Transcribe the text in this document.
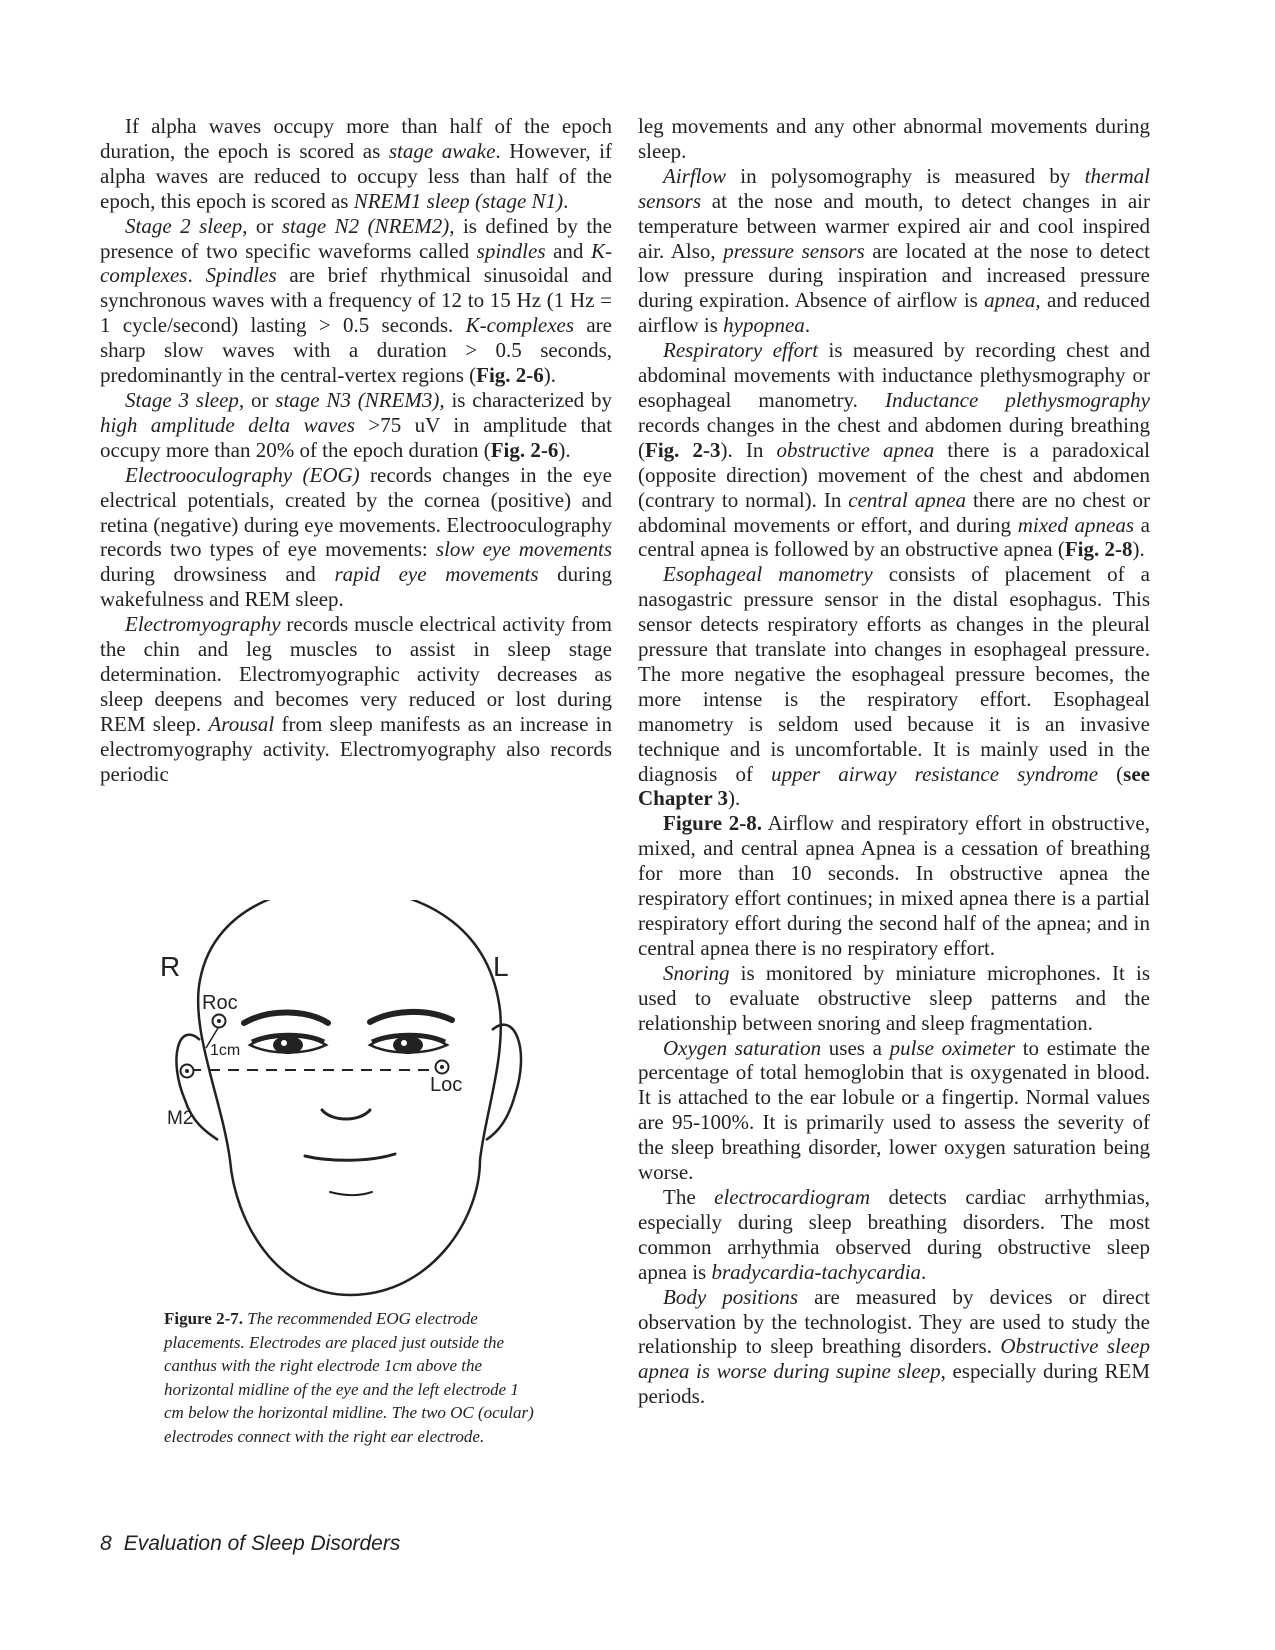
If alpha waves occupy more than half of the epoch duration, the epoch is scored as stage awake. However, if alpha waves are reduced to occupy less than half of the epoch, this epoch is scored as NREM1 sleep (stage N1).

Stage 2 sleep, or stage N2 (NREM2), is defined by the presence of two specific waveforms called spindles and K-complexes. Spindles are brief rhythmical sinusoidal and synchronous waves with a frequency of 12 to 15 Hz (1 Hz = 1 cycle/second) lasting > 0.5 seconds. K-complexes are sharp slow waves with a duration > 0.5 seconds, predominantly in the central-vertex regions (Fig. 2-6).

Stage 3 sleep, or stage N3 (NREM3), is characterized by high amplitude delta waves >75 uV in amplitude that occupy more than 20% of the epoch duration (Fig. 2-6).

Electrooculography (EOG) records changes in the eye electrical potentials, created by the cornea (positive) and retina (negative) during eye movements. Electrooculography records two types of eye movements: slow eye movements during drowsiness and rapid eye movements during wakefulness and REM sleep.

Electromyography records muscle electrical activity from the chin and leg muscles to assist in sleep stage determination. Electromyographic activity decreases as sleep deepens and becomes very reduced or lost during REM sleep. Arousal from sleep manifests as an increase in electromyography activity. Electromyography also records periodic

R	L
Roc
1cm
Loc
M2
Figure 2-7. The recommended EOG electrode placements. Electrodes are placed just outside the canthus with the right electrode 1cm above the horizontal midline of the eye and the left electrode 1 cm below the horizontal midline. The two OC (ocular) electrodes connect with the right ear electrode.

leg movements and any other abnormal movements during sleep.

Airflow in polysomography is measured by thermal sensors at the nose and mouth, to detect changes in air temperature between warmer expired air and cool inspired air. Also, pressure sensors are located at the nose to detect low pressure during inspiration and increased pressure during expiration. Absence of airflow is apnea, and reduced airflow is hypopnea.

Respiratory effort is measured by recording chest and abdominal movements with inductance plethysmography or esophageal manometry. Inductance plethysmography records changes in the chest and abdomen during breathing (Fig. 2-3). In obstructive apnea there is a paradoxical (opposite direction) movement of the chest and abdomen (contrary to normal). In central apnea there are no chest or abdominal movements or effort, and during mixed apneas a central apnea is followed by an obstructive apnea (Fig. 2-8).

Esophageal manometry consists of placement of a nasogastric pressure sensor in the distal esophagus. This sensor detects respiratory efforts as changes in the pleural pressure that translate into changes in esophageal pressure. The more negative the esophageal pressure becomes, the more intense is the respiratory effort. Esophageal manometry is seldom used because it is an invasive technique and is uncomfortable. It is mainly used in the diagnosis of upper airway resistance syndrome (see Chapter 3).

Figure 2-8. Airflow and respiratory effort in obstructive, mixed, and central apnea Apnea is a cessation of breathing for more than 10 seconds. In obstructive apnea the respiratory effort continues; in mixed apnea there is a partial respiratory effort during the second half of the apnea; and in central apnea there is no respiratory effort.

Snoring is monitored by miniature microphones. It is used to evaluate obstructive sleep patterns and the relationship between snoring and sleep fragmentation.

Oxygen saturation uses a pulse oximeter to estimate the percentage of total hemoglobin that is oxygenated in blood. It is attached to the ear lobule or a fingertip. Normal values are 95-100%. It is primarily used to assess the severity of the sleep breathing disorder, lower oxygen saturation being worse.

The electrocardiogram detects cardiac arrhythmias, especially during sleep breathing disorders. The most common arrhythmia observed during obstructive sleep apnea is bradycardia-tachycardia.

Body positions are measured by devices or direct observation by the technologist. They are used to study the relationship to sleep breathing disorders. Obstructive sleep apnea is worse during supine sleep, especially during REM periods.

8 Evaluation of Sleep Disorders
